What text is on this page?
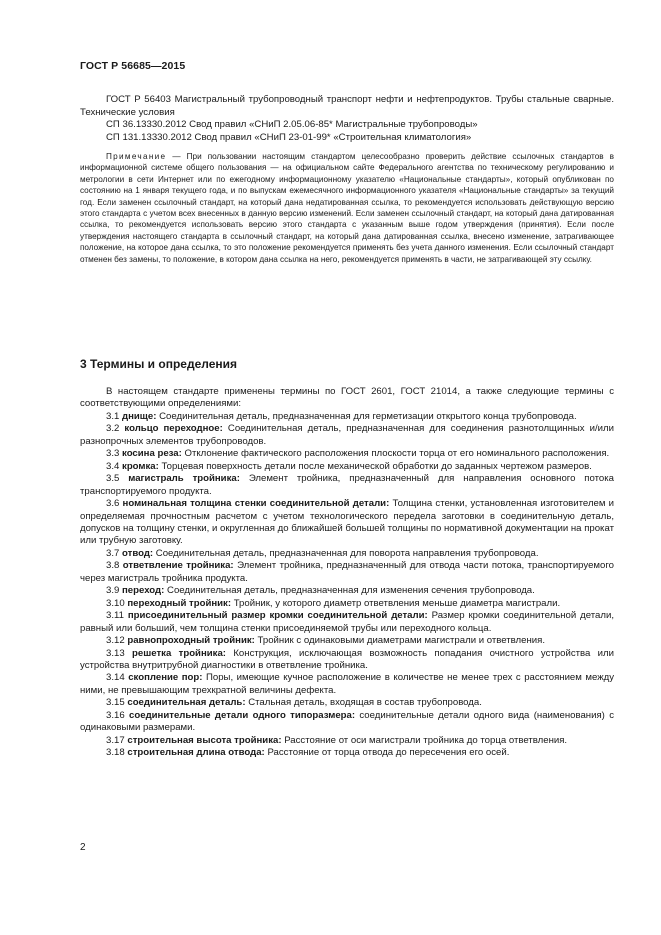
ГОСТ Р 56685—2015

ГОСТ Р 56403 Магистральный трубопроводный транспорт нефти и нефтепродуктов. Трубы стальные сварные. Технические условия

СП 36.13330.2012 Свод правил «СНиП 2.05.06-85* Магистральные трубопроводы»

СП 131.13330.2012 Свод правил «СНиП 23-01-99* «Строительная климатология»

Примечание — При пользовании настоящим стандартом целесообразно проверить действие ссылочных стандартов в информационной системе общего пользования — на официальном сайте Федерального агентства по техническому регулированию и метрологии в сети Интернет или по ежегодному информационному указателю «Национальные стандарты», который опубликован по состоянию на 1 января текущего года, и по выпускам ежемесячного информационного указателя «Национальные стандарты» за текущий год. Если заменен ссылочный стандарт, на который дана недатированная ссылка, то рекомендуется использовать действующую версию этого стандарта с учетом всех внесенных в данную версию изменений. Если заменен ссылочный стандарт, на который дана датированная ссылка, то рекомендуется использовать версию этого стандарта с указанным выше годом утверждения (принятия). Если после утверждения настоящего стандарта в ссылочный стандарт, на который дана датированная ссылка, внесено изменение, затрагивающее положение, на которое дана ссылка, то это положение рекомендуется применять без учета данного изменения. Если ссылочный стандарт отменен без замены, то положение, в котором дана ссылка на него, рекомендуется применять в части, не затрагивающей эту ссылку.

3 Термины и определения

В настоящем стандарте применены термины по ГОСТ 2601, ГОСТ 21014, а также следующие термины с соответствующими определениями:

3.1 днище: Соединительная деталь, предназначенная для герметизации открытого конца трубопровода.

3.2 кольцо переходное: Соединительная деталь, предназначенная для соединения разнотолщинных и/или разнопрочных элементов трубопроводов.

3.3 косина реза: Отклонение фактического расположения плоскости торца от его номинального расположения.

3.4 кромка: Торцевая поверхность детали после механической обработки до заданных чертежом размеров.

3.5 магистраль тройника: Элемент тройника, предназначенный для направления основного потока транспортируемого продукта.

3.6 номинальная толщина стенки соединительной детали: Толщина стенки, установленная изготовителем и определяемая прочностным расчетом с учетом технологического передела заготовки в соединительную деталь, допусков на толщину стенки, и округленная до ближайшей большей толщины по нормативной документации на прокат или трубную заготовку.

3.7 отвод: Соединительная деталь, предназначенная для поворота направления трубопровода.

3.8 ответвление тройника: Элемент тройника, предназначенный для отвода части потока, транспортируемого через магистраль тройника продукта.

3.9 переход: Соединительная деталь, предназначенная для изменения сечения трубопровода.

3.10 переходный тройник: Тройник, у которого диаметр ответвления меньше диаметра магистрали.

3.11 присоединительный размер кромки соединительной детали: Размер кромки соединительной детали, равный или больший, чем толщина стенки присоединяемой трубы или переходного кольца.

3.12 равнопроходный тройник: Тройник с одинаковыми диаметрами магистрали и ответвления.

3.13 решетка тройника: Конструкция, исключающая возможность попадания очистного устройства или устройства внутритрубной диагностики в ответвление тройника.

3.14 скопление пор: Поры, имеющие кучное расположение в количестве не менее трех с расстоянием между ними, не превышающим трехкратной величины дефекта.

3.15 соединительная деталь: Стальная деталь, входящая в состав трубопровода.

3.16 соединительные детали одного типоразмера: соединительные детали одного вида (наименования) с одинаковыми размерами.

3.17 строительная высота тройника: Расстояние от оси магистрали тройника до торца ответвления.

3.18 строительная длина отвода: Расстояние от торца отвода до пересечения его осей.

2
